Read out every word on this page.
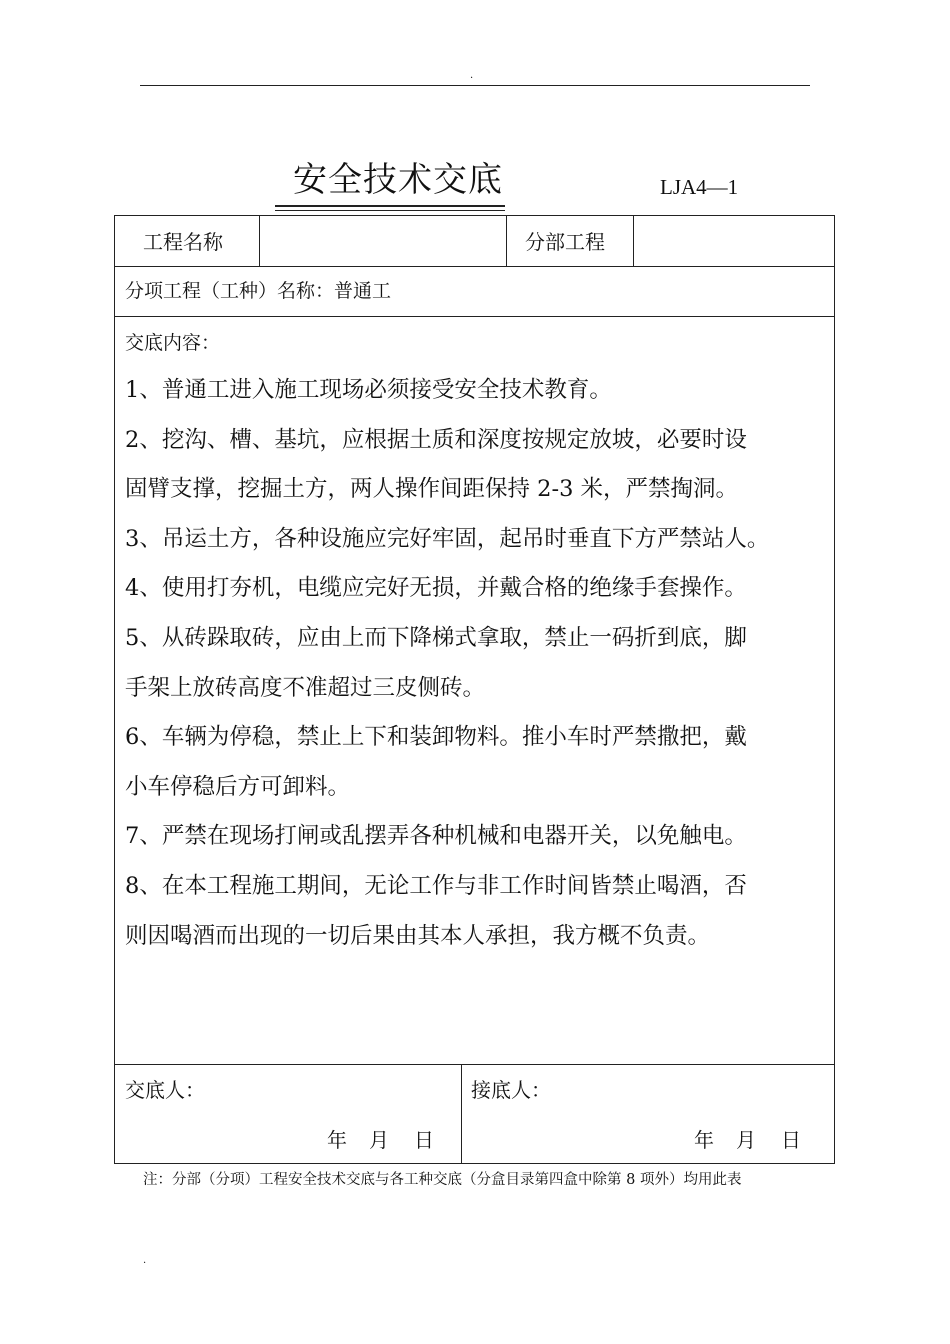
.
安全技术交底	LJA4—1
工程名称	分部工程
分项工程（工种）名称：普通工
交底内容：
1、普通工进入施工现场必须接受安全技术教育。
2、挖沟、槽、基坑，应根据土质和深度按规定放坡，必要时设
固臂支撑，挖掘土方，两人操作间距保持 2-3 米，严禁掏洞。
3、吊运土方，各种设施应完好牢固，起吊时垂直下方严禁站人。
4、使用打夯机，电缆应完好无损，并戴合格的绝缘手套操作。
5、从砖跺取砖，应由上而下降梯式拿取，禁止一码折到底，脚
手架上放砖高度不准超过三皮侧砖。
6、车辆为停稳，禁止上下和装卸物料。推小车时严禁撒把，戴
小车停稳后方可卸料。
7、严禁在现场打闸或乱摆弄各种机械和电器开关，以免触电。
8、在本工程施工期间，无论工作与非工作时间皆禁止喝酒，否
则因喝酒而出现的一切后果由其本人承担，我方概不负责。
交底人：	接底人：
年 月 日	年 月 日
注：分部（分项）工程安全技术交底与各工种交底（分盒目录第四盒中除第 8 项外）均用此表
.
